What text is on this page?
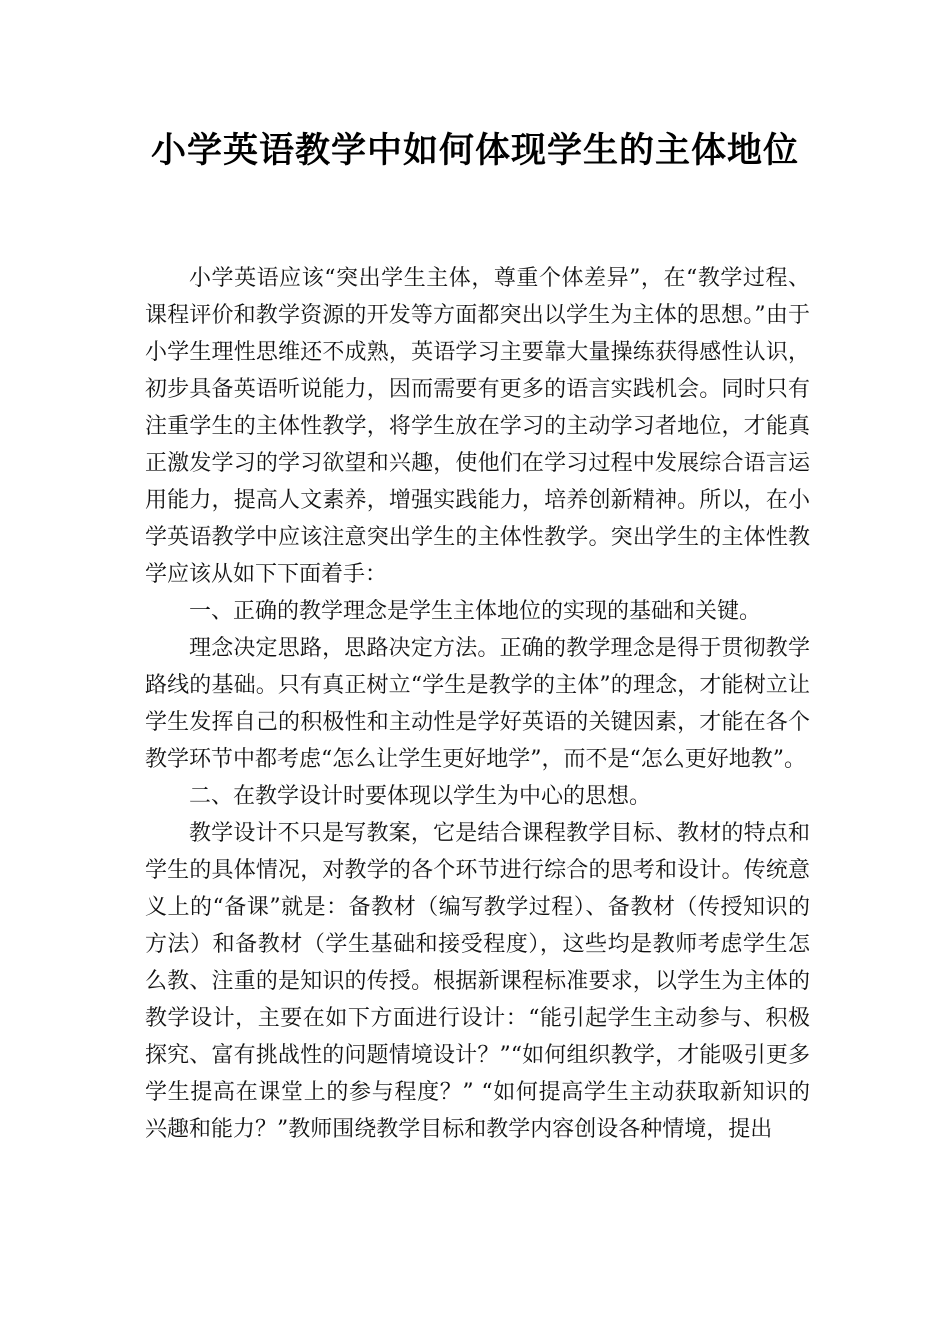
小学英语教学中如何体现学生的主体地位

小学英语应该“突出学生主体，尊重个体差异”，在“教学过程、课程评价和教学资源的开发等方面都突出以学生为主体的思想。”由于小学生理性思维还不成熟，英语学习主要靠大量操练获得感性认识，初步具备英语听说能力，因而需要有更多的语言实践机会。同时只有注重学生的主体性教学，将学生放在学习的主动学习者地位，才能真正激发学习的学习欲望和兴趣，使他们在学习过程中发展综合语言运用能力，提高人文素养，增强实践能力，培养创新精神。所以，在小学英语教学中应该注意突出学生的主体性教学。突出学生的主体性教学应该从如下下面着手：

一、正确的教学理念是学生主体地位的实现的基础和关键。

理念决定思路，思路决定方法。正确的教学理念是得于贯彻教学路线的基础。只有真正树立“学生是教学的主体”的理念，才能树立让学生发挥自己的积极性和主动性是学好英语的关键因素，才能在各个教学环节中都考虑“怎么让学生更好地学”，而不是“怎么更好地教”。

二、在教学设计时要体现以学生为中心的思想。

教学设计不只是写教案，它是结合课程教学目标、教材的特点和学生的具体情况，对教学的各个环节进行综合的思考和设计。传统意义上的“备课”就是：备教材（编写教学过程）、备教材（传授知识的方法）和备教材（学生基础和接受程度），这些均是教师考虑学生怎么教、注重的是知识的传授。根据新课程标准要求，以学生为主体的教学设计，主要在如下方面进行设计：“能引起学生主动参与、积极探究、富有挑战性的问题情境设计？”“如何组织教学，才能吸引更多学生提高在课堂上的参与程度？” “如何提高学生主动获取新知识的兴趣和能力？”教师围绕教学目标和教学内容创设各种情境，提出
